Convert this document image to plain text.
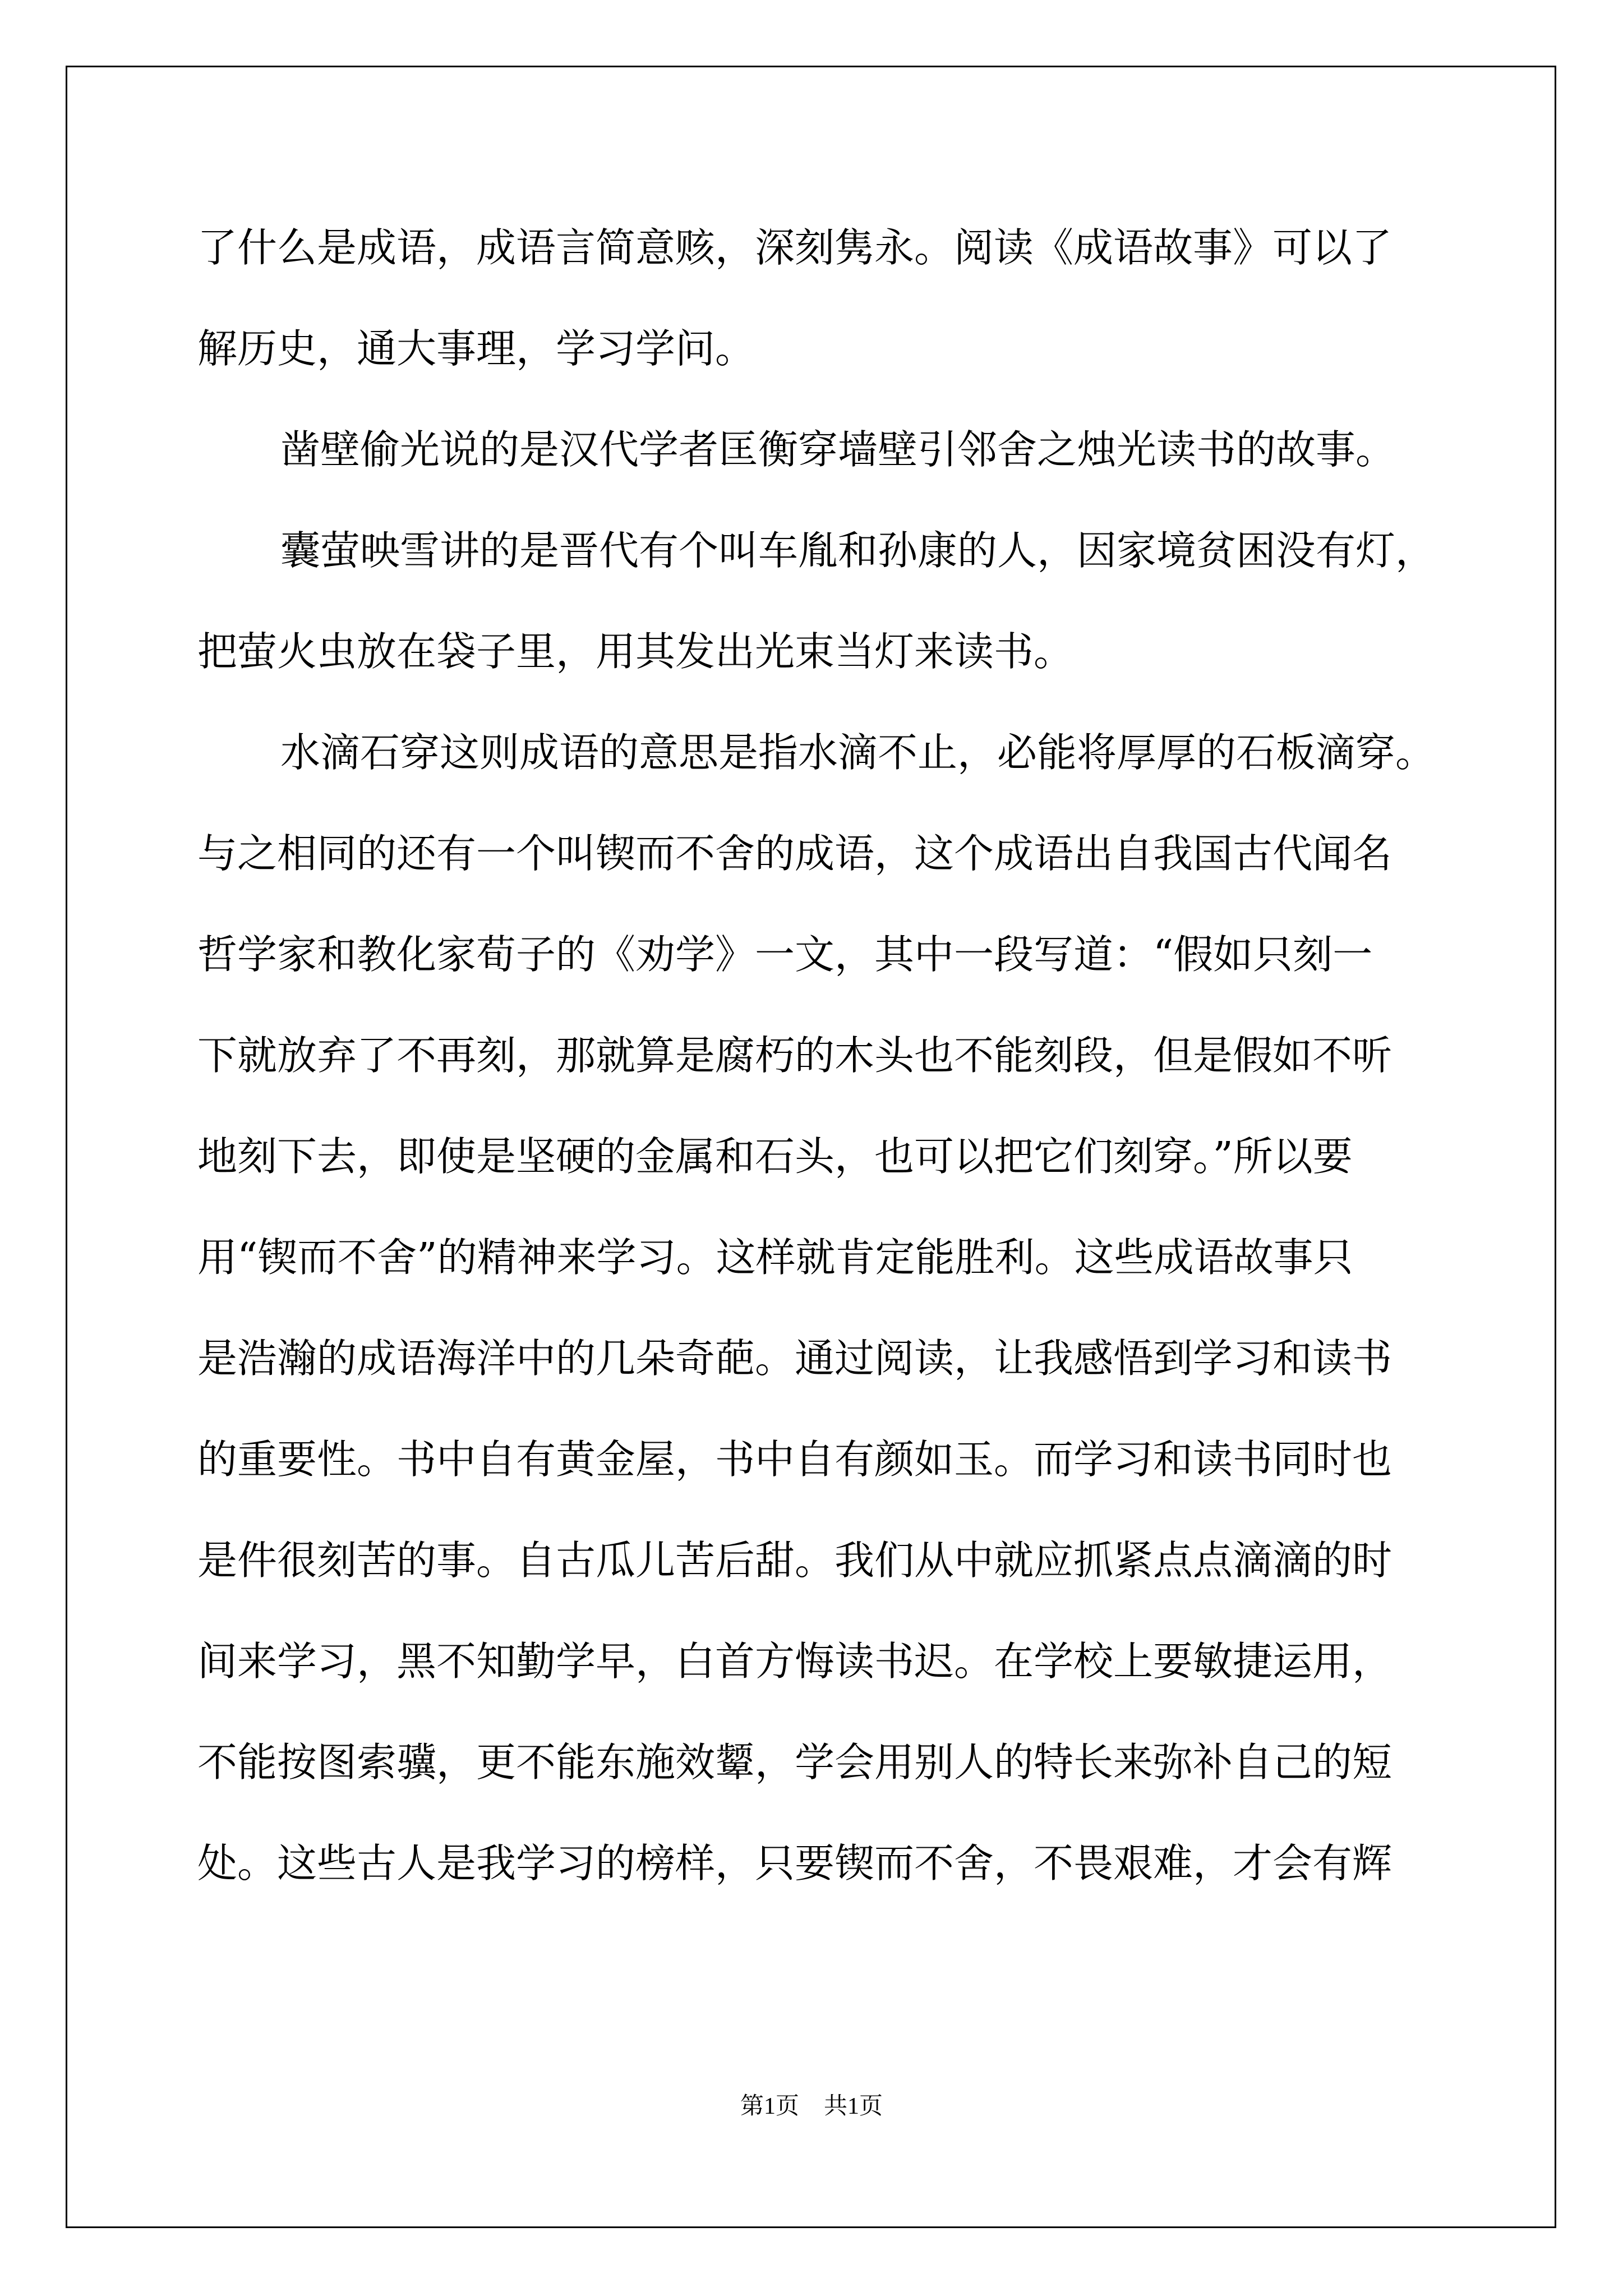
了什么是成语，成语言简意赅，深刻隽永。阅读《成语故事》可以了
解历史，通大事理，学习学问。
凿壁偷光说的是汉代学者匡衡穿墙壁引邻舍之烛光读书的故事。
囊萤映雪讲的是晋代有个叫车胤和孙康的人，因家境贫困没有灯，
把萤火虫放在袋子里，用其发出光束当灯来读书。
水滴石穿这则成语的意思是指水滴不止，必能将厚厚的石板滴穿。
与之相同的还有一个叫锲而不舍的成语，这个成语出自我国古代闻名
哲学家和教化家荀子的《劝学》一文，其中一段写道：“假如只刻一
下就放弃了不再刻，那就算是腐朽的木头也不能刻段，但是假如不听
地刻下去，即使是坚硬的金属和石头，也可以把它们刻穿。”所以要
用“锲而不舍”的精神来学习。这样就肯定能胜利。这些成语故事只
是浩瀚的成语海洋中的几朵奇葩。通过阅读，让我感悟到学习和读书
的重要性。书中自有黄金屋，书中自有颜如玉。而学习和读书同时也
是件很刻苦的事。自古瓜儿苦后甜。我们从中就应抓紧点点滴滴的时
间来学习，黑不知勤学早，白首方悔读书迟。在学校上要敏捷运用，
不能按图索骥，更不能东施效颦，学会用别人的特长来弥补自己的短
处。这些古人是我学习的榜样，只要锲而不舍，不畏艰难，才会有辉
第1页 共1页
